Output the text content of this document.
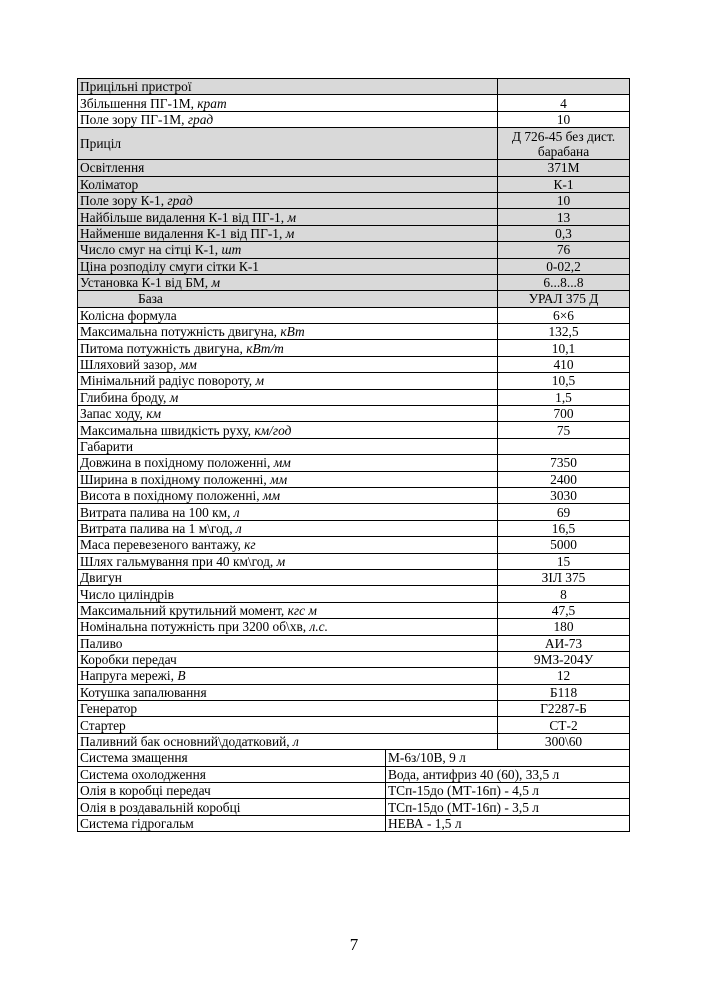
Прицільні пристрої		
Збільшення ПГ-1М, крат		4
Поле зору ПГ-1М, град		10
Приціл		Д 726-45 без дист. барабана
Освітлення		371М
Коліматор		К-1
Поле зору К-1, град		10
Найбільше видалення К-1 від ПГ-1, м		13
Найменше видалення К-1 від ПГ-1, м		0,3
Число смуг на сітці К-1, шт		76
Ціна розподілу смуги сітки К-1		0-02,2
Установка К-1 від БМ, м		6...8...8
База		УРАЛ 375 Д
Колісна формула		6×6
Максимальна потужність двигуна, кВт		132,5
Питома потужність двигуна, кВт/т		10,1
Шляховий зазор, мм		410
Мінімальний радіус повороту, м		10,5
Глибина броду, м		1,5
Запас ходу, км		700
Максимальна швидкість руху, км/год		75
Габарити		
Довжина в похідному положенні, мм		7350
Ширина в похідному положенні, мм		2400
Висота в похідному положенні, мм		3030
Витрата палива на 100 км, л		69
Витрата палива на 1 м\год, л		16,5
Маса перевезеного вантажу, кг		5000
Шлях гальмування при 40 км\год, м		15
Двигун		ЗІЛ 375
Число циліндрів		8
Максимальний крутильний момент, кгс м		47,5
Номінальна потужність при 3200 об\хв, л.с.		180
Паливо		АИ-73
Коробки передач		9МЗ-204У
Напруга мережі, В		12
Котушка запалювання		Б118
Генератор		Г2287-Б
Стартер		СТ-2
Паливний бак основний\додатковий, л		300\60
Система змащення	М-6з/10В, 9 л	
Система охолодження	Вода, антифриз 40 (60), 33,5 л	
Олія в коробці передач	ТСп-15до (МТ-16п) - 4,5 л	
Олія в роздавальній коробці	ТСп-15до (МТ-16п) - 3,5 л	
Система гідрогальм	НЕВА - 1,5 л	
7
